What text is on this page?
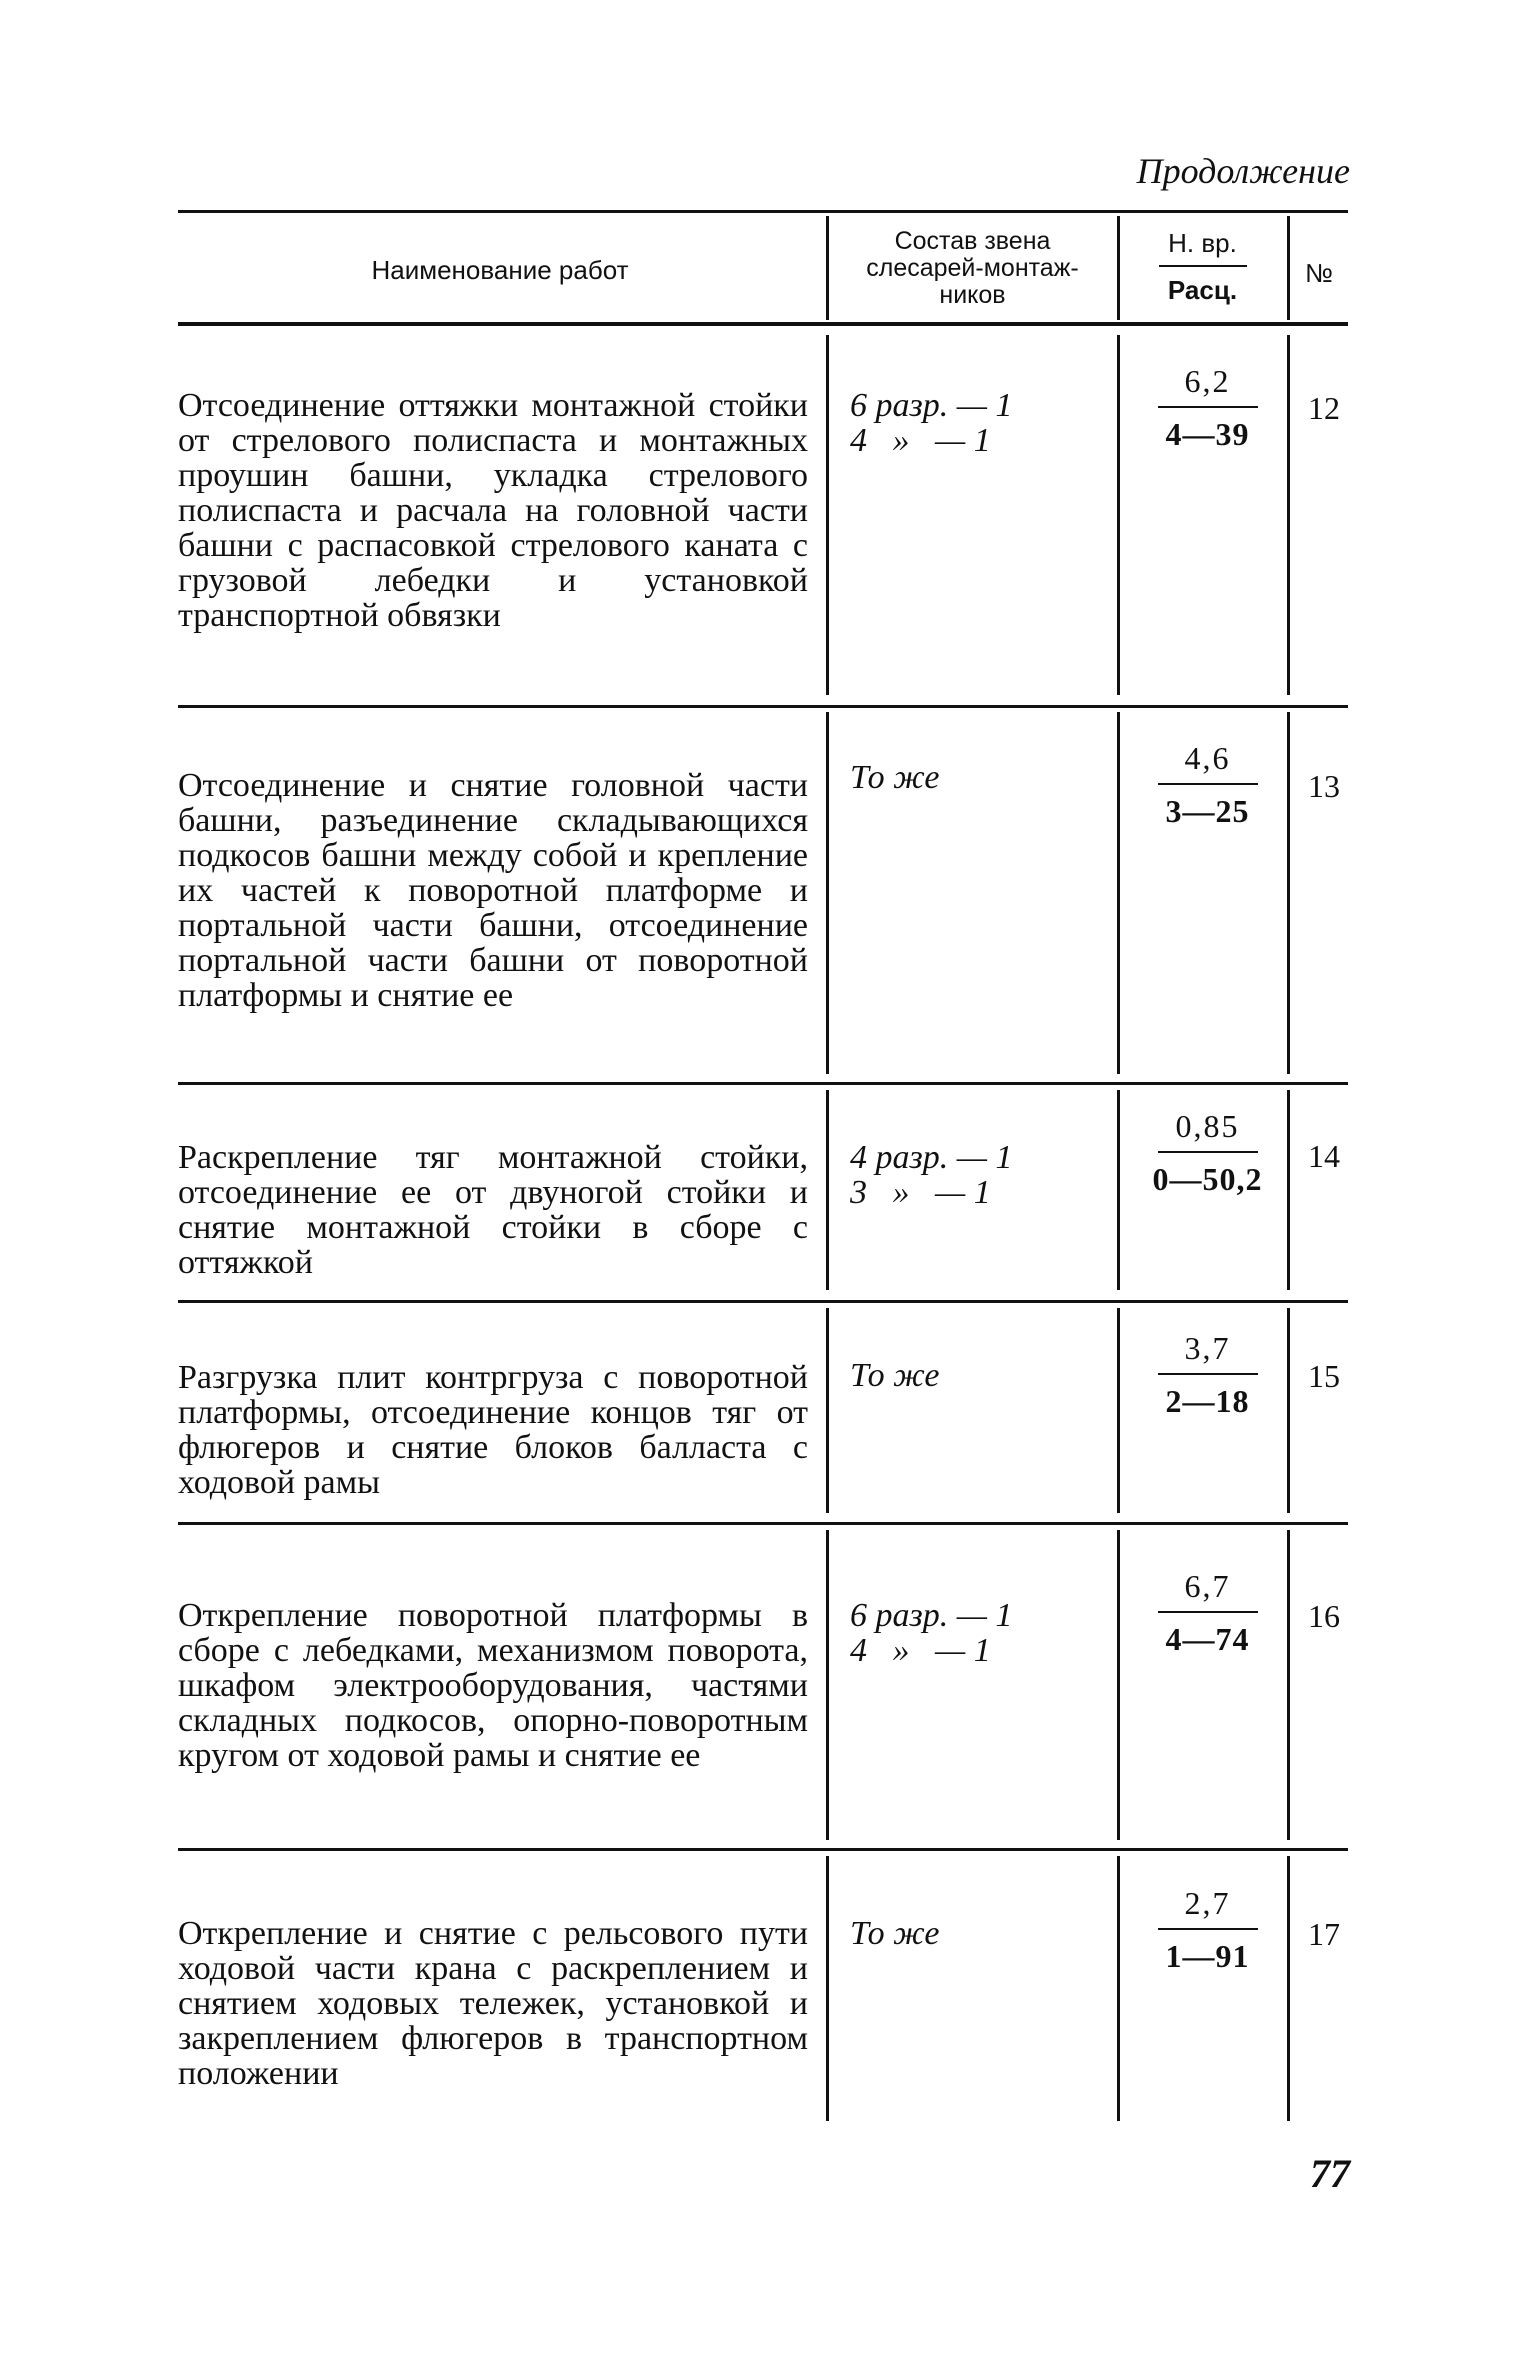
Продолжение
Наименование работ
Состав звена
слесарей-монтаж-
ников
Н. вр.
Расц.
№
Отсоединение оттяжки монтажной стойки от стрелового полиспаста и монтажных проушин башни, укладка стрелового полиспаста и расчала на головной части башни с распасовкой стрелового каната с грузовой лебедки и установкой транспортной обвязки
6 разр. — 1
4   »   — 1
6,2
4—39
12
Отсоединение и снятие головной части башни, разъединение складывающихся подкосов башни между собой и крепление их частей к поворотной платформе и портальной части башни, отсоединение портальной части башни от поворотной платформы и снятие ее
То же
4,6
3—25
13
Раскрепление тяг монтажной стойки, отсоединение ее от двуногой стойки и снятие монтажной стойки в сборе с оттяжкой
4 разр. — 1
3   »   — 1
0,85
0—50,2
14
Разгрузка плит контргруза с поворотной платформы, отсоединение концов тяг от флюгеров и снятие блоков балласта с ходовой рамы
То же
3,7
2—18
15
Открепление поворотной платформы в сборе с лебедками, механизмом поворота, шкафом электрооборудования, частями складных подкосов, опорно-поворотным кругом от ходовой рамы и снятие ее
6 разр. — 1
4   »   — 1
6,7
4—74
16
Открепление и снятие с рельсового пути ходовой части крана с раскреплением и снятием ходовых тележек, установкой и закреплением флюгеров в транспортном положении
То же
2,7
1—91
17
77
